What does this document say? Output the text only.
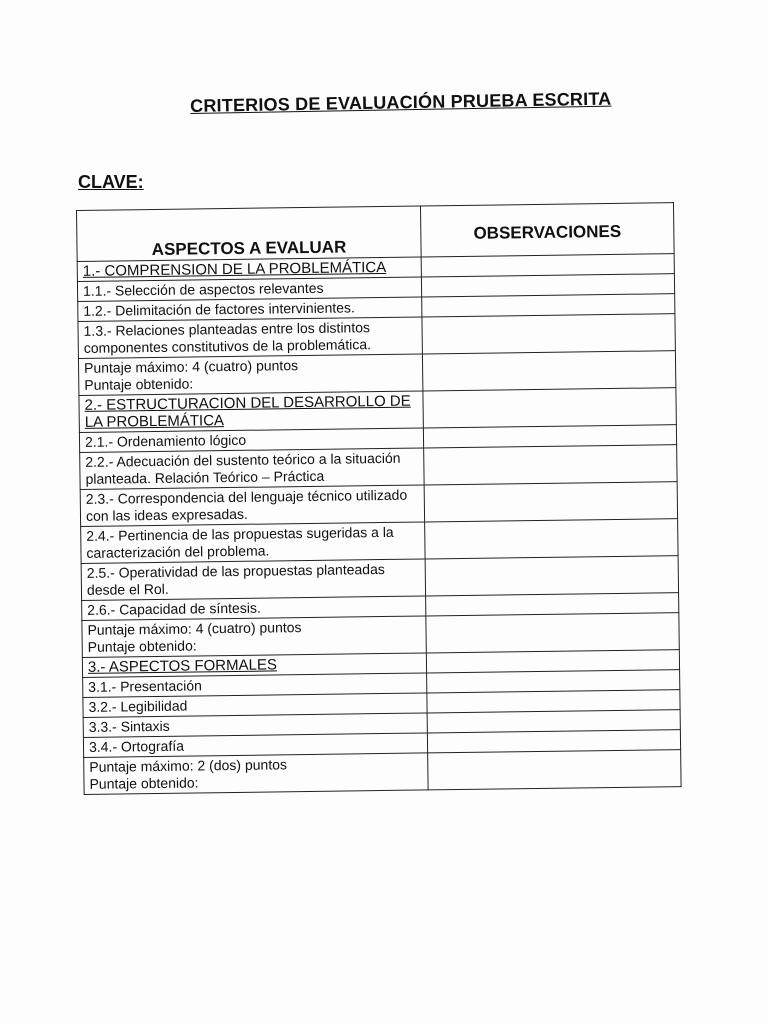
CRITERIOS DE EVALUACIÓN PRUEBA ESCRITA
CLAVE:
ASPECTOS A EVALUAR	OBSERVACIONES
1.- COMPRENSION DE LA PROBLEMÁTICA	
1.1.- Selección de aspectos relevantes	
1.2.- Delimitación de factores intervinientes.	
1.3.- Relaciones planteadas entre los distintos componentes constitutivos de la problemática.	

Puntaje máximo: 4 (cuatro) puntos
Puntaje obtenido:	

2.- ESTRUCTURACION DEL DESARROLLO DE LA PROBLEMÁTICA	
2.1.- Ordenamiento lógico	
2.2.- Adecuación del sustento teórico a la situación planteada. Relación Teórico – Práctica	
2.3.- Correspondencia del lenguaje técnico utilizado con las ideas expresadas.	
2.4.- Pertinencia de las propuestas sugeridas a la caracterización del problema.	
2.5.- Operatividad de las propuestas planteadas desde el Rol.	
2.6.- Capacidad de síntesis.	

Puntaje máximo: 4 (cuatro) puntos
Puntaje obtenido:	

3.- ASPECTOS FORMALES	
3.1.- Presentación	
3.2.- Legibilidad	
3.3.- Sintaxis	
3.4.- Ortografía	

Puntaje máximo: 2 (dos) puntos
Puntaje obtenido:	
